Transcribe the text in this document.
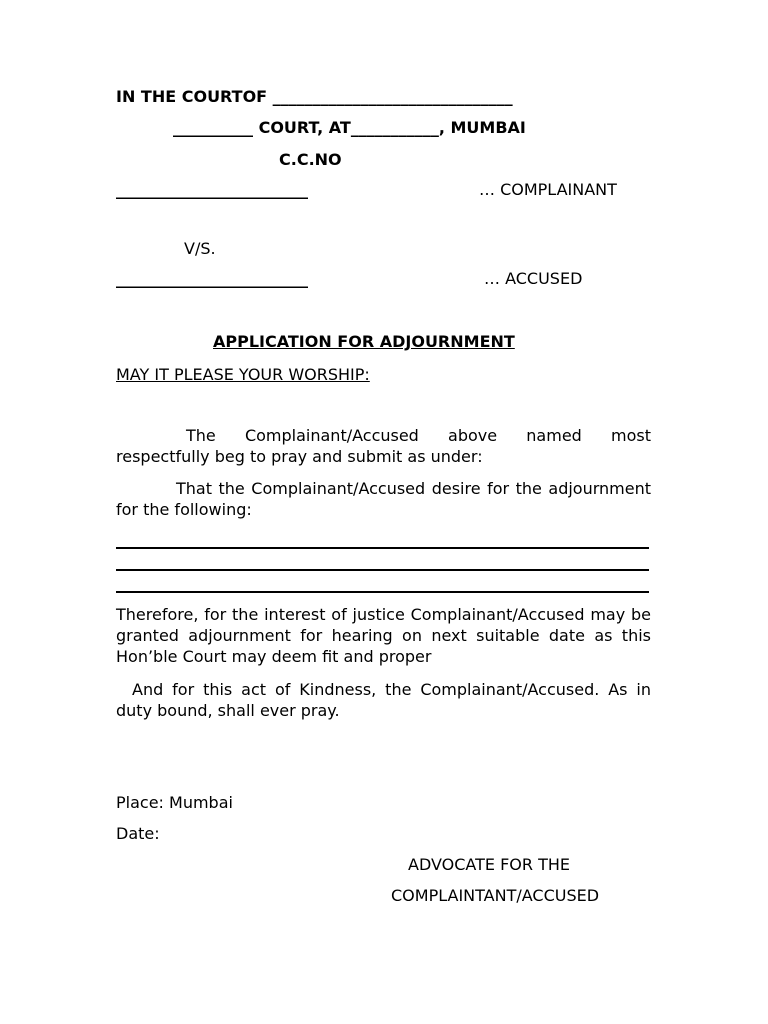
IN THE COURTOF ______________________________
__________ COURT, AT___________, MUMBAI
C.C.NO
________________________	… COMPLAINANT
V/S.
________________________	… ACCUSED
APPLICATION FOR ADJOURNMENT
MAY IT PLEASE YOUR WORSHIP:
The Complainant/Accused above named most respectfully beg to pray and submit as under:
That the Complainant/Accused desire for the adjournment for the following:
Therefore, for the interest of justice Complainant/Accused may be granted adjournment for hearing on next suitable date as this Hon’ble Court may deem fit and proper
And for this act of Kindness, the Complainant/Accused. As in duty bound, shall ever pray.
Place: Mumbai
Date:
ADVOCATE FOR THE
COMPLAINTANT/ACCUSED
